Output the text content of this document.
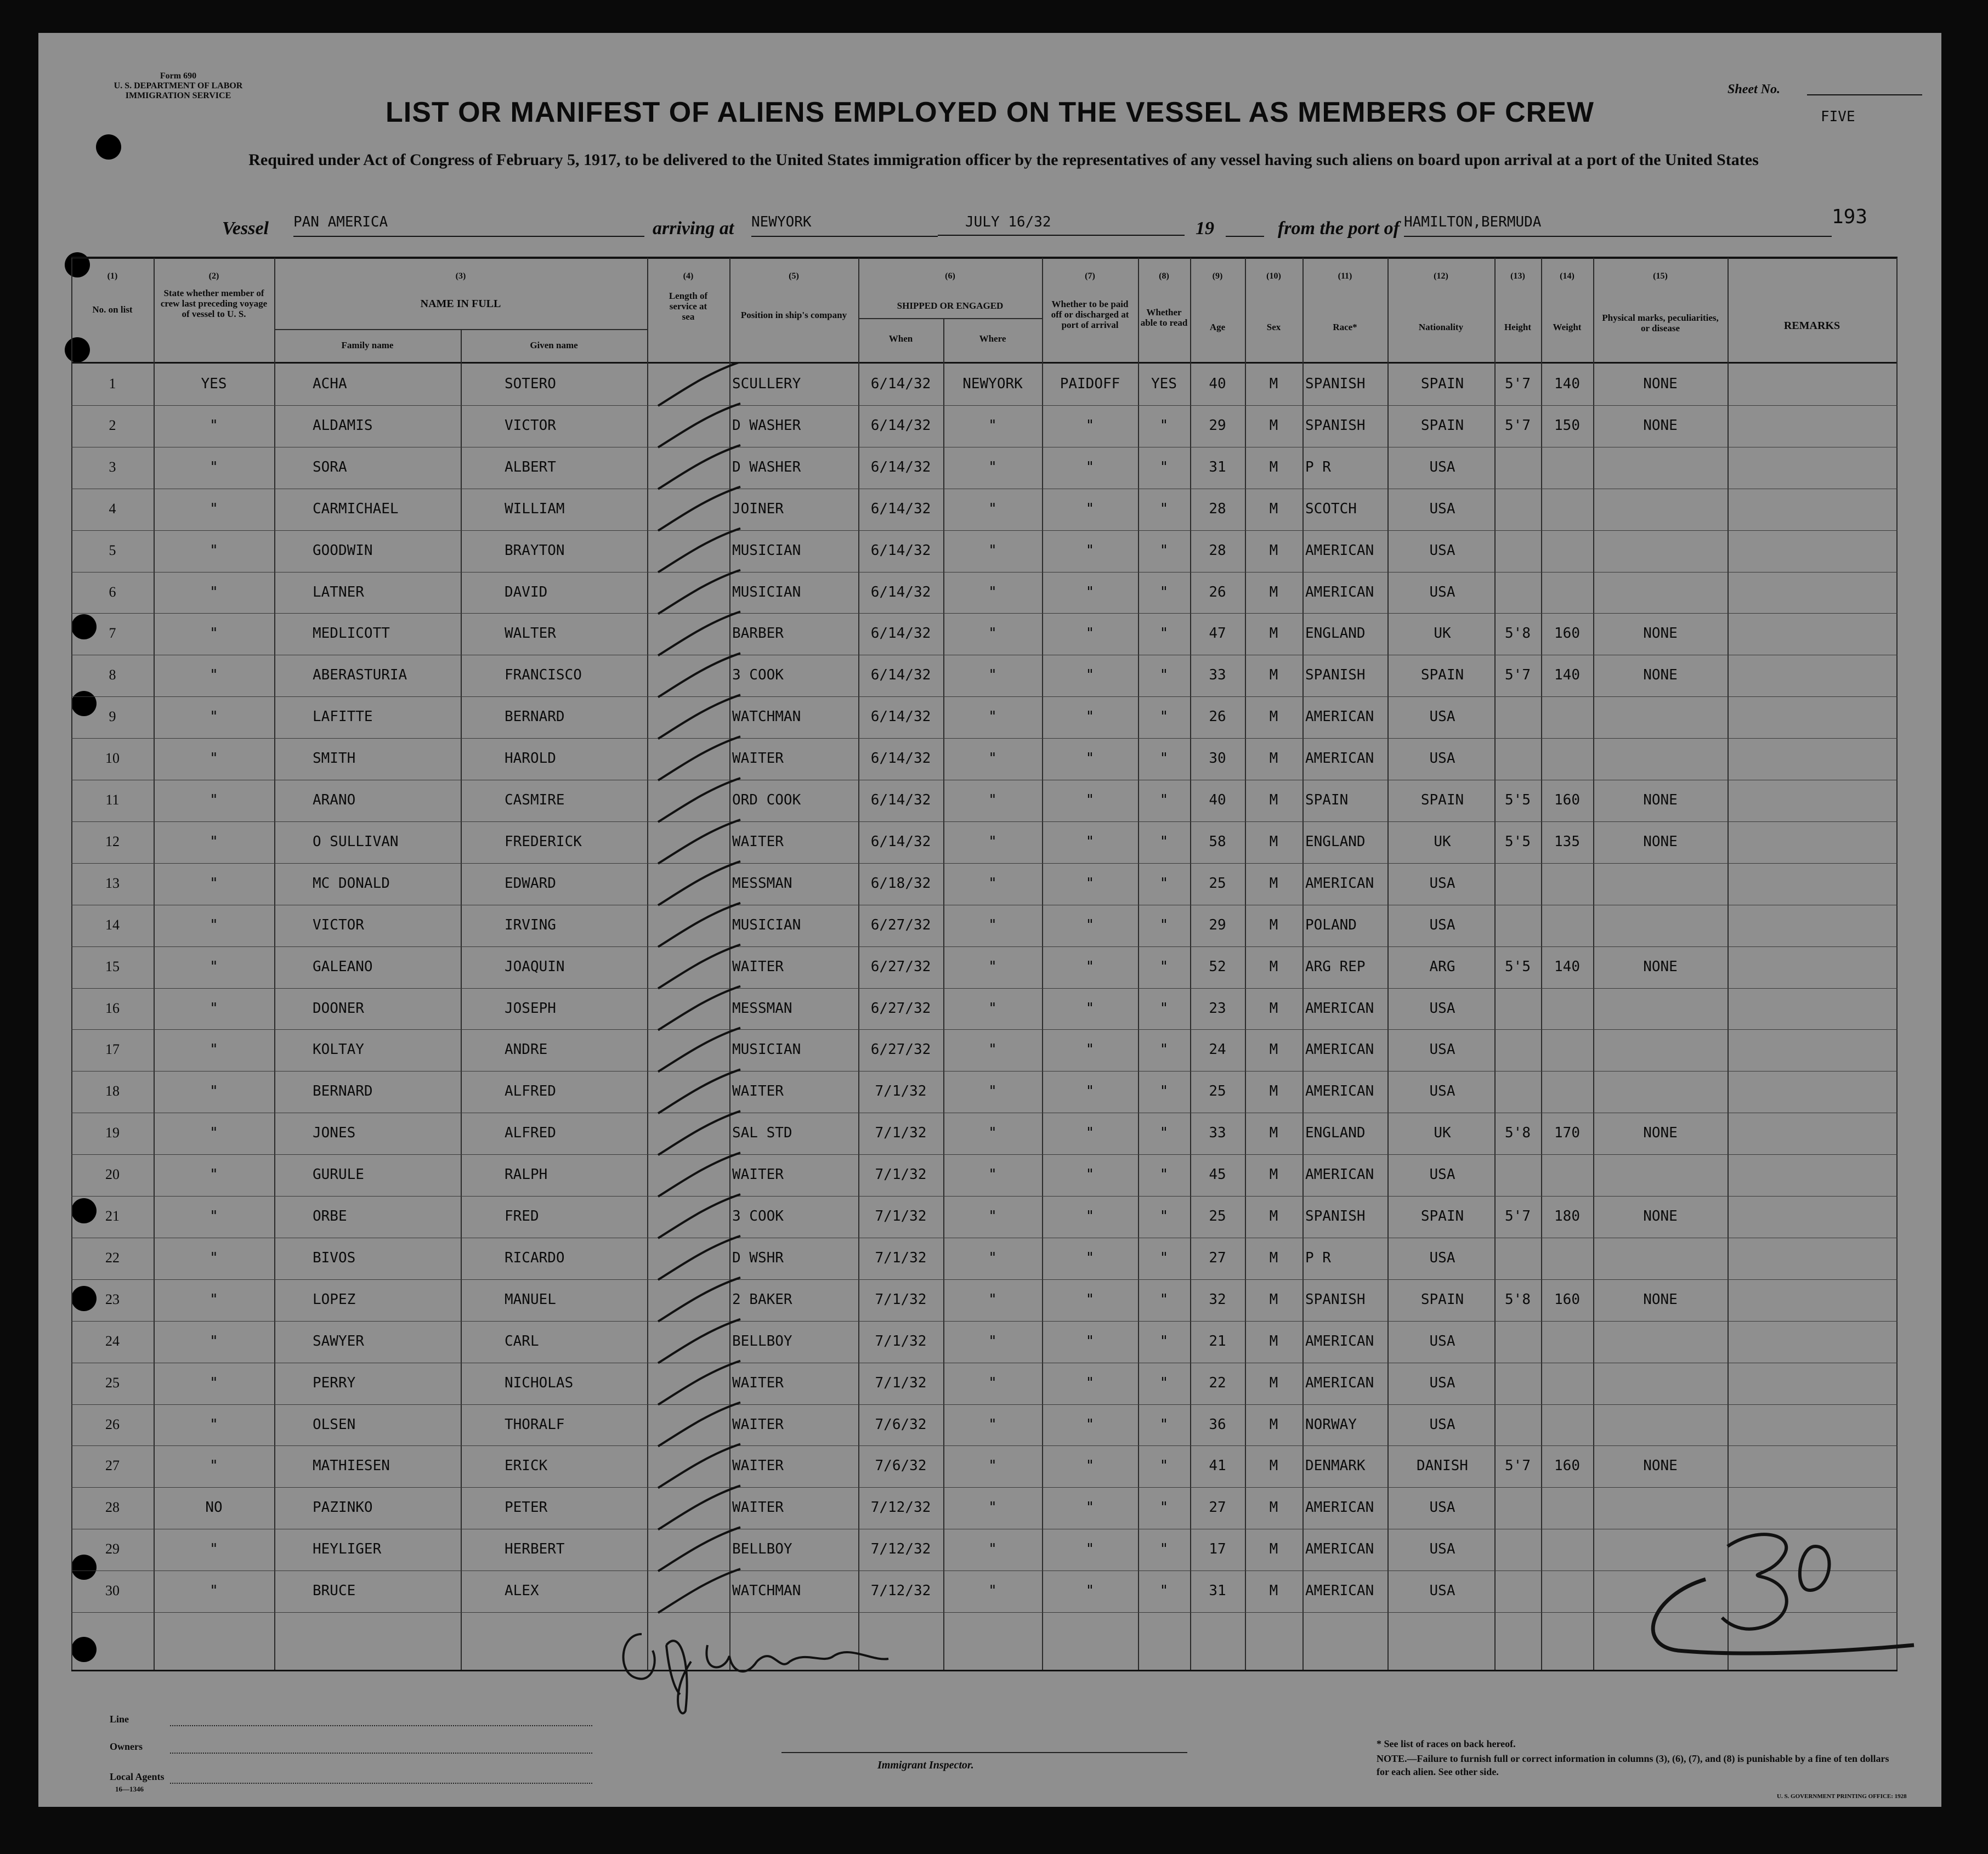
Form 690
U. S. DEPARTMENT OF LABOR
IMMIGRATION SERVICE
LIST OR MANIFEST OF ALIENS EMPLOYED ON THE VESSEL AS MEMBERS OF CREW
Required under Act of Congress of February 5, 1917, to be delivered to the United States immigration officer by the representatives of any vessel having such aliens on board upon arrival at a port of the United States
Sheet No.
FIVE
193
Vessel PAN AMERICA	arriving at NEWYORK	JULY 16/32	19	from the port of HAMILTON,BERMUDA
(1)
No. on list
(2)
State whether member of crew last preceding voyage of vessel to U. S.
(3)
NAME IN FULL
Family name	Given name
(4)
Length of service at sea
(5)
Position in ship's company
(6)
SHIPPED OR ENGAGED
When	Where
(7)
Whether to be paid off or discharged at port of arrival
(8)
Whether able to read
(9)
Age
(10)
Sex
(11)
Race*
(12)
Nationality
(13)
Height
(14)
Weight
(15)
Physical marks, peculiarities, or disease	REMARKS
1	YES	ACHA	SOTERO	SCULLERY	6/14/32	NEWYORK	PAIDOFF	YES	40	M	SPANISH	SPAIN	5'7	140	NONE
2	"	ALDAMIS	VICTOR	D WASHER	6/14/32	"	"	"	29	M	SPANISH	SPAIN	5'7	150	NONE
3	"	SORA	ALBERT	D WASHER	6/14/32	"	"	"	31	M	P R	USA
4	"	CARMICHAEL	WILLIAM	JOINER	6/14/32	"	"	"	28	M	SCOTCH	USA
5	"	GOODWIN	BRAYTON	MUSICIAN	6/14/32	"	"	"	28	M	AMERICAN	USA
6	"	LATNER	DAVID	MUSICIAN	6/14/32	"	"	"	26	M	AMERICAN	USA
7	"	MEDLICOTT	WALTER	BARBER	6/14/32	"	"	"	47	M	ENGLAND	UK	5'8	160	NONE
8	"	ABERASTURIA	FRANCISCO	3 COOK	6/14/32	"	"	"	33	M	SPANISH	SPAIN	5'7	140	NONE
9	"	LAFITTE	BERNARD	WATCHMAN	6/14/32	"	"	"	26	M	AMERICAN	USA
10	"	SMITH	HAROLD	WAITER	6/14/32	"	"	"	30	M	AMERICAN	USA
11	"	ARANO	CASMIRE	ORD COOK	6/14/32	"	"	"	40	M	SPAIN	SPAIN	5'5	160	NONE
12	"	O SULLIVAN	FREDERICK	WAITER	6/14/32	"	"	"	58	M	ENGLAND	UK	5'5	135	NONE
13	"	MC DONALD	EDWARD	MESSMAN	6/18/32	"	"	"	25	M	AMERICAN	USA
14	"	VICTOR	IRVING	MUSICIAN	6/27/32	"	"	"	29	M	POLAND	USA
15	"	GALEANO	JOAQUIN	WAITER	6/27/32	"	"	"	52	M	ARG REP	ARG	5'5	140	NONE
16	"	DOONER	JOSEPH	MESSMAN	6/27/32	"	"	"	23	M	AMERICAN	USA
17	"	KOLTAY	ANDRE	MUSICIAN	6/27/32	"	"	"	24	M	AMERICAN	USA
18	"	BERNARD	ALFRED	WAITER	7/1/32	"	"	"	25	M	AMERICAN	USA
19	"	JONES	ALFRED	SAL STD	7/1/32	"	"	"	33	M	ENGLAND	UK	5'8	170	NONE
20	"	GURULE	RALPH	WAITER	7/1/32	"	"	"	45	M	AMERICAN	USA
21	"	ORBE	FRED	3 COOK	7/1/32	"	"	"	25	M	SPANISH	SPAIN	5'7	180	NONE
22	"	BIVOS	RICARDO	D WSHR	7/1/32	"	"	"	27	M	P R	USA
23	"	LOPEZ	MANUEL	2 BAKER	7/1/32	"	"	"	32	M	SPANISH	SPAIN	5'8	160	NONE
24	"	SAWYER	CARL	BELLBOY	7/1/32	"	"	"	21	M	AMERICAN	USA
25	"	PERRY	NICHOLAS	WAITER	7/1/32	"	"	"	22	M	AMERICAN	USA
26	"	OLSEN	THORALF	WAITER	7/6/32	"	"	"	36	M	NORWAY	USA
27	"	MATHIESEN	ERICK	WAITER	7/6/32	"	"	"	41	M	DENMARK	DANISH	5'7	160	NONE
28	NO	PAZINKO	PETER	WAITER	7/12/32	"	"	"	27	M	AMERICAN	USA
29	"	HEYLIGER	HERBERT	BELLBOY	7/12/32	"	"	"	17	M	AMERICAN	USA
30	"	BRUCE	ALEX	WATCHMAN	7/12/32	"	"	"	31	M	AMERICAN	USA
Line
Owners
Local Agents
16—1346
Immigrant Inspector.
* See list of races on back hereof.
NOTE.—Failure to furnish full or correct information in columns (3), (6), (7), and (8) is punishable by a fine of ten dollars for each alien. See other side.
U. S. GOVERNMENT PRINTING OFFICE: 1928
